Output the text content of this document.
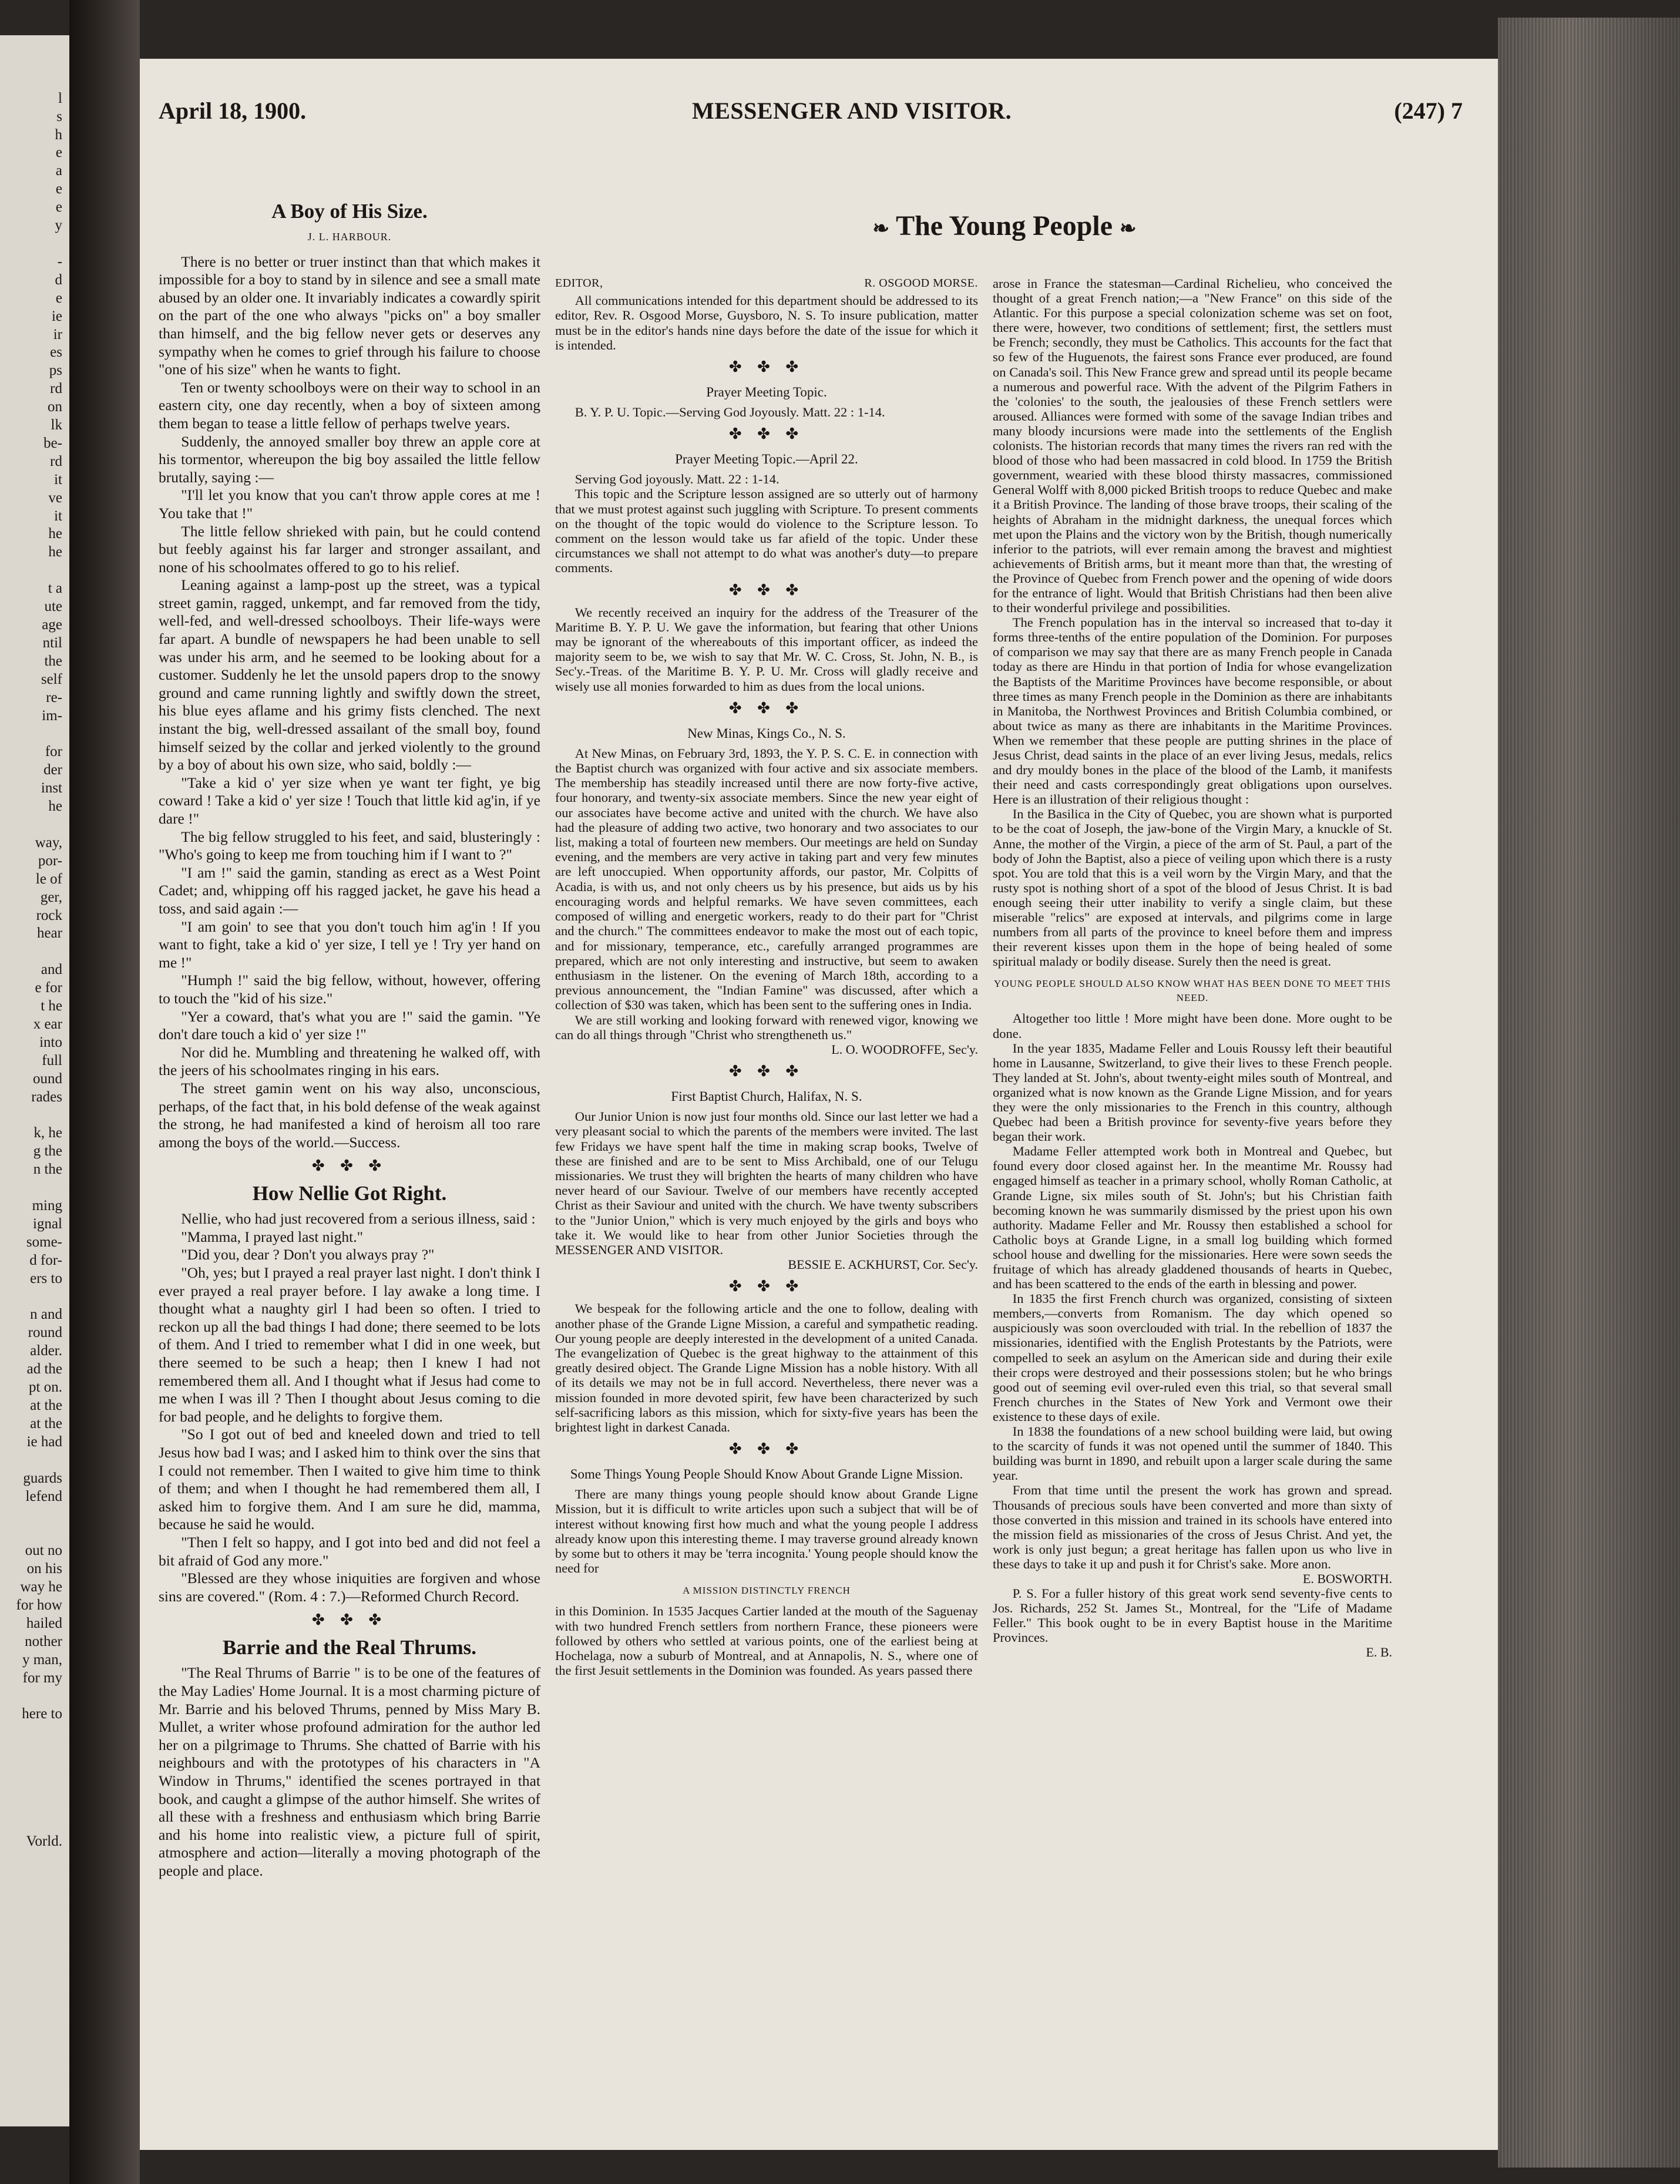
l
s
h
e
a
e
e
y

-
d
e
ie
ir
es
ps
rd
on
lk
be-
rd
it
ve
it
he
he

t a
ute
age
ntil
the
self
re-
im-

for
der
inst
he

way,
por-
le of
ger,
rock
hear

and
e for
t he
x ear
into
full
ound
rades

k, he
g the
n the

ming
ignal
some-
d for-
ers to

n and
round
alder.
ad the
pt on.
at the
at the
ie had

guards
lefend

out no
on his
way he
for how
hailed
nother
y man,
for my

here to

Vorld.

April 18, 1900.	MESSENGER AND VISITOR.	(247) 7
❧ The Young People ❧
A Boy of His Size.
J. L. HARBOUR.

There is no better or truer instinct than that which makes it impossible for a boy to stand by in silence and see a small mate abused by an older one. It invariably indicates a cowardly spirit on the part of the one who always "picks on" a boy smaller than himself, and the big fellow never gets or deserves any sympathy when he comes to grief through his failure to choose "one of his size" when he wants to fight.

Ten or twenty schoolboys were on their way to school in an eastern city, one day recently, when a boy of sixteen among them began to tease a little fellow of perhaps twelve years.

Suddenly, the annoyed smaller boy threw an apple core at his tormentor, whereupon the big boy assailed the little fellow brutally, saying :—

"I'll let you know that you can't throw apple cores at me ! You take that !"

The little fellow shrieked with pain, but he could contend but feebly against his far larger and stronger assailant, and none of his schoolmates offered to go to his relief.

Leaning against a lamp-post up the street, was a typical street gamin, ragged, unkempt, and far removed from the tidy, well-fed, and well-dressed schoolboys. Their life-ways were far apart. A bundle of newspapers he had been unable to sell was under his arm, and he seemed to be looking about for a customer. Suddenly he let the unsold papers drop to the snowy ground and came running lightly and swiftly down the street, his blue eyes aflame and his grimy fists clenched. The next instant the big, well-dressed assailant of the small boy, found himself seized by the collar and jerked violently to the ground by a boy of about his own size, who said, boldly :—

"Take a kid o' yer size when ye want ter fight, ye big coward ! Take a kid o' yer size ! Touch that little kid ag'in, if ye dare !"

The big fellow struggled to his feet, and said, blusteringly : "Who's going to keep me from touching him if I want to ?"

"I am !" said the gamin, standing as erect as a West Point Cadet; and, whipping off his ragged jacket, he gave his head a toss, and said again :—

"I am goin' to see that you don't touch him ag'in ! If you want to fight, take a kid o' yer size, I tell ye ! Try yer hand on me !"

"Humph !" said the big fellow, without, however, offering to touch the "kid of his size."

"Yer a coward, that's what you are !" said the gamin. "Ye don't dare touch a kid o' yer size !"

Nor did he. Mumbling and threatening he walked off, with the jeers of his schoolmates ringing in his ears.

The street gamin went on his way also, unconscious, perhaps, of the fact that, in his bold defense of the weak against the strong, he had manifested a kind of heroism all too rare among the boys of the world.—Success.

✤ ✤ ✤
How Nellie Got Right.

Nellie, who had just recovered from a serious illness, said :

"Mamma, I prayed last night."

"Did you, dear ? Don't you always pray ?"

"Oh, yes; but I prayed a real prayer last night. I don't think I ever prayed a real prayer before. I lay awake a long time. I thought what a naughty girl I had been so often. I tried to reckon up all the bad things I had done; there seemed to be lots of them. And I tried to remember what I did in one week, but there seemed to be such a heap; then I knew I had not remembered them all. And I thought what if Jesus had come to me when I was ill ? Then I thought about Jesus coming to die for bad people, and he delights to forgive them.

"So I got out of bed and kneeled down and tried to tell Jesus how bad I was; and I asked him to think over the sins that I could not remember. Then I waited to give him time to think of them; and when I thought he had remembered them all, I asked him to forgive them. And I am sure he did, mamma, because he said he would.

"Then I felt so happy, and I got into bed and did not feel a bit afraid of God any more."

"Blessed are they whose iniquities are forgiven and whose sins are covered." (Rom. 4 : 7.)—Reformed Church Record.

✤ ✤ ✤
Barrie and the Real Thrums.

"The Real Thrums of Barrie " is to be one of the features of the May Ladies' Home Journal. It is a most charming picture of Mr. Barrie and his beloved Thrums, penned by Miss Mary B. Mullet, a writer whose profound admiration for the author led her on a pilgrimage to Thrums. She chatted of Barrie with his neighbours and with the prototypes of his characters in "A Window in Thrums," identified the scenes portrayed in that book, and caught a glimpse of the author himself. She writes of all these with a freshness and enthusiasm which bring Barrie and his home into realistic view, a picture full of spirit, atmosphere and action—literally a moving photograph of the people and place.

EDITOR,	R. OSGOOD MORSE.

All communications intended for this department should be addressed to its editor, Rev. R. Osgood Morse, Guysboro, N. S. To insure publication, matter must be in the editor's hands nine days before the date of the issue for which it is intended.

✤ ✤ ✤
Prayer Meeting Topic.

B. Y. P. U. Topic.—Serving God Joyously. Matt. 22 : 1-14.

✤ ✤ ✤
Prayer Meeting Topic.—April 22.

Serving God joyously. Matt. 22 : 1-14.

This topic and the Scripture lesson assigned are so utterly out of harmony that we must protest against such juggling with Scripture. To present comments on the thought of the topic would do violence to the Scripture lesson. To comment on the lesson would take us far afield of the topic. Under these circumstances we shall not attempt to do what was another's duty—to prepare comments.

✤ ✤ ✤

We recently received an inquiry for the address of the Treasurer of the Maritime B. Y. P. U. We gave the information, but fearing that other Unions may be ignorant of the whereabouts of this important officer, as indeed the majority seem to be, we wish to say that Mr. W. C. Cross, St. John, N. B., is Sec'y.-Treas. of the Maritime B. Y. P. U. Mr. Cross will gladly receive and wisely use all monies forwarded to him as dues from the local unions.

✤ ✤ ✤
New Minas, Kings Co., N. S.

At New Minas, on February 3rd, 1893, the Y. P. S. C. E. in connection with the Baptist church was organized with four active and six associate members. The membership has steadily increased until there are now forty-five active, four honorary, and twenty-six associate members. Since the new year eight of our associates have become active and united with the church. We have also had the pleasure of adding two active, two honorary and two associates to our list, making a total of fourteen new members. Our meetings are held on Sunday evening, and the members are very active in taking part and very few minutes are left unoccupied. When opportunity affords, our pastor, Mr. Colpitts of Acadia, is with us, and not only cheers us by his presence, but aids us by his encouraging words and helpful remarks. We have seven committees, each composed of willing and energetic workers, ready to do their part for "Christ and the church." The committees endeavor to make the most out of each topic, and for missionary, temperance, etc., carefully arranged programmes are prepared, which are not only interesting and instructive, but seem to awaken enthusiasm in the listener. On the evening of March 18th, according to a previous announcement, the "Indian Famine" was discussed, after which a collection of $30 was taken, which has been sent to the suffering ones in India.

We are still working and looking forward with renewed vigor, knowing we can do all things through "Christ who strengtheneth us."

L. O. WOODROFFE, Sec'y.
✤ ✤ ✤
First Baptist Church, Halifax, N. S.

Our Junior Union is now just four months old. Since our last letter we had a very pleasant social to which the parents of the members were invited. The last few Fridays we have spent half the time in making scrap books, Twelve of these are finished and are to be sent to Miss Archibald, one of our Telugu missionaries. We trust they will brighten the hearts of many children who have never heard of our Saviour. Twelve of our members have recently accepted Christ as their Saviour and united with the church. We have twenty subscribers to the "Junior Union," which is very much enjoyed by the girls and boys who take it. We would like to hear from other Junior Societies through the MESSENGER AND VISITOR.

BESSIE E. ACKHURST, Cor. Sec'y.
✤ ✤ ✤

We bespeak for the following article and the one to follow, dealing with another phase of the Grande Ligne Mission, a careful and sympathetic reading. Our young people are deeply interested in the development of a united Canada. The evangelization of Quebec is the great highway to the attainment of this greatly desired object. The Grande Ligne Mission has a noble history. With all of its details we may not be in full accord. Nevertheless, there never was a mission founded in more devoted spirit, few have been characterized by such self-sacrificing labors as this mission, which for sixty-five years has been the brightest light in darkest Canada.

✤ ✤ ✤
Some Things Young People Should Know About Grande Ligne Mission.

There are many things young people should know about Grande Ligne Mission, but it is difficult to write articles upon such a subject that will be of interest without knowing first how much and what the young people I address already know upon this interesting theme. I may traverse ground already known by some but to others it may be 'terra incognita.' Young people should know the need for

A MISSION DISTINCTLY FRENCH

in this Dominion. In 1535 Jacques Cartier landed at the mouth of the Saguenay with two hundred French settlers from northern France, these pioneers were followed by others who settled at various points, one of the earliest being at Hochelaga, now a suburb of Montreal, and at Annapolis, N. S., where one of the first Jesuit settlements in the Dominion was founded. As years passed there

arose in France the statesman—Cardinal Richelieu, who conceived the thought of a great French nation;—a "New France" on this side of the Atlantic. For this purpose a special colonization scheme was set on foot, there were, however, two conditions of settlement; first, the settlers must be French; secondly, they must be Catholics. This accounts for the fact that so few of the Huguenots, the fairest sons France ever produced, are found on Canada's soil. This New France grew and spread until its people became a numerous and powerful race. With the advent of the Pilgrim Fathers in the 'colonies' to the south, the jealousies of these French settlers were aroused. Alliances were formed with some of the savage Indian tribes and many bloody incursions were made into the settlements of the English colonists. The historian records that many times the rivers ran red with the blood of those who had been massacred in cold blood. In 1759 the British government, wearied with these blood thirsty massacres, commissioned General Wolff with 8,000 picked British troops to reduce Quebec and make it a British Province. The landing of those brave troops, their scaling of the heights of Abraham in the midnight darkness, the unequal forces which met upon the Plains and the victory won by the British, though numerically inferior to the patriots, will ever remain among the bravest and mightiest achievements of British arms, but it meant more than that, the wresting of the Province of Quebec from French power and the opening of wide doors for the entrance of light. Would that British Christians had then been alive to their wonderful privilege and possibilities.

The French population has in the interval so increased that to-day it forms three-tenths of the entire population of the Dominion. For purposes of comparison we may say that there are as many French people in Canada today as there are Hindu in that portion of India for whose evangelization the Baptists of the Maritime Provinces have become responsible, or about three times as many French people in the Dominion as there are inhabitants in Manitoba, the Northwest Provinces and British Columbia combined, or about twice as many as there are inhabitants in the Maritime Provinces. When we remember that these people are putting shrines in the place of Jesus Christ, dead saints in the place of an ever living Jesus, medals, relics and dry mouldy bones in the place of the blood of the Lamb, it manifests their need and casts correspondingly great obligations upon ourselves. Here is an illustration of their religious thought :

In the Basilica in the City of Quebec, you are shown what is purported to be the coat of Joseph, the jaw-bone of the Virgin Mary, a knuckle of St. Anne, the mother of the Virgin, a piece of the arm of St. Paul, a part of the body of John the Baptist, also a piece of veiling upon which there is a rusty spot. You are told that this is a veil worn by the Virgin Mary, and that the rusty spot is nothing short of a spot of the blood of Jesus Christ. It is bad enough seeing their utter inability to verify a single claim, but these miserable "relics" are exposed at intervals, and pilgrims come in large numbers from all parts of the province to kneel before them and impress their reverent kisses upon them in the hope of being healed of some spiritual malady or bodily disease. Surely then the need is great.

YOUNG PEOPLE SHOULD ALSO KNOW WHAT HAS BEEN DONE TO MEET THIS NEED.

Altogether too little ! More might have been done. More ought to be done.

In the year 1835, Madame Feller and Louis Roussy left their beautiful home in Lausanne, Switzerland, to give their lives to these French people. They landed at St. John's, about twenty-eight miles south of Montreal, and organized what is now known as the Grande Ligne Mission, and for years they were the only missionaries to the French in this country, although Quebec had been a British province for seventy-five years before they began their work.

Madame Feller attempted work both in Montreal and Quebec, but found every door closed against her. In the meantime Mr. Roussy had engaged himself as teacher in a primary school, wholly Roman Catholic, at Grande Ligne, six miles south of St. John's; but his Christian faith becoming known he was summarily dismissed by the priest upon his own authority. Madame Feller and Mr. Roussy then established a school for Catholic boys at Grande Ligne, in a small log building which formed school house and dwelling for the missionaries. Here were sown seeds the fruitage of which has already gladdened thousands of hearts in Quebec, and has been scattered to the ends of the earth in blessing and power.

In 1835 the first French church was organized, consisting of sixteen members,—converts from Romanism. The day which opened so auspiciously was soon overclouded with trial. In the rebellion of 1837 the missionaries, identified with the English Protestants by the Patriots, were compelled to seek an asylum on the American side and during their exile their crops were destroyed and their possessions stolen; but he who brings good out of seeming evil over-ruled even this trial, so that several small French churches in the States of New York and Vermont owe their existence to these days of exile.

In 1838 the foundations of a new school building were laid, but owing to the scarcity of funds it was not opened until the summer of 1840. This building was burnt in 1890, and rebuilt upon a larger scale during the same year.

From that time until the present the work has grown and spread. Thousands of precious souls have been converted and more than sixty of those converted in this mission and trained in its schools have entered into the mission field as missionaries of the cross of Jesus Christ. And yet, the work is only just begun; a great heritage has fallen upon us who live in these days to take it up and push it for Christ's sake. More anon.

E. BOSWORTH.

P. S. For a fuller history of this great work send seventy-five cents to Jos. Richards, 252 St. James St., Montreal, for the "Life of Madame Feller." This book ought to be in every Baptist house in the Maritime Provinces.

E. B.
